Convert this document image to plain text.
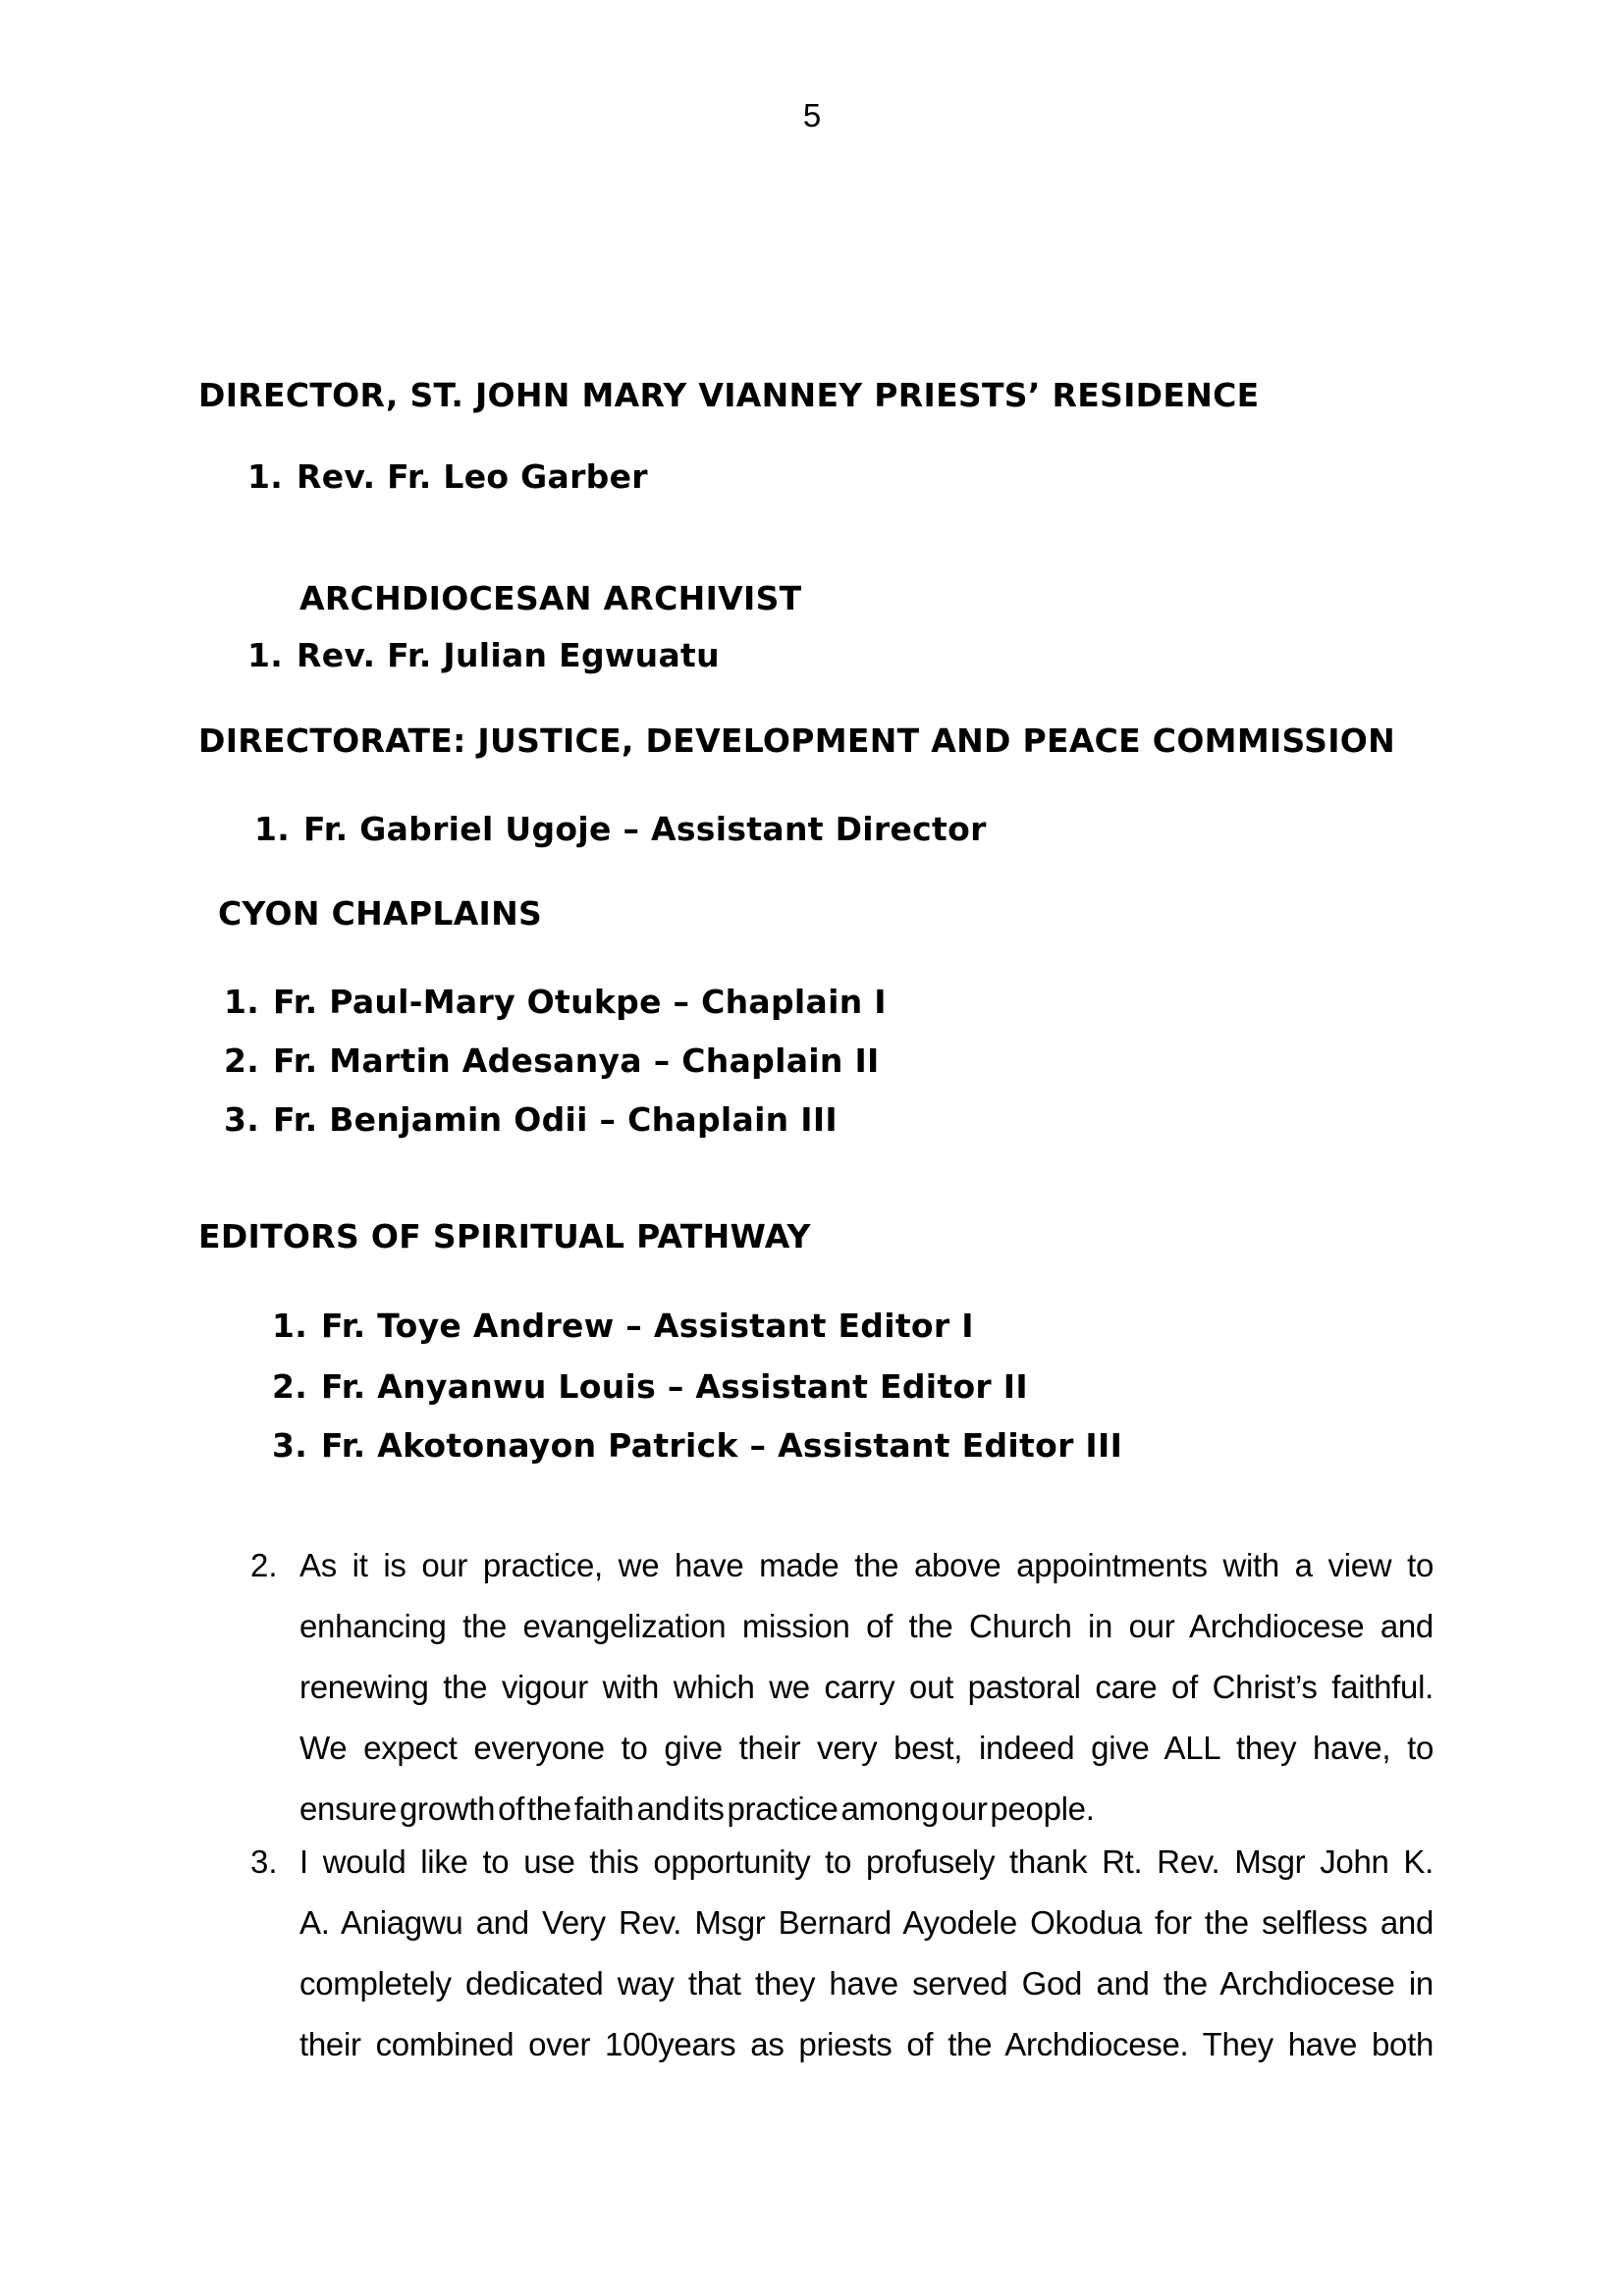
5
DIRECTOR, ST. JOHN MARY VIANNEY PRIESTS’ RESIDENCE
1. Rev. Fr. Leo Garber
ARCHDIOCESAN ARCHIVIST
1. Rev. Fr. Julian Egwuatu
DIRECTORATE: JUSTICE, DEVELOPMENT AND PEACE COMMISSION
1. Fr. Gabriel Ugoje – Assistant Director
CYON CHAPLAINS
1. Fr. Paul-Mary Otukpe – Chaplain I
2. Fr. Martin Adesanya – Chaplain II
3. Fr. Benjamin Odii – Chaplain III
EDITORS OF SPIRITUAL PATHWAY
1. Fr. Toye Andrew – Assistant Editor I
2. Fr. Anyanwu Louis – Assistant Editor II
3. Fr. Akotonayon Patrick – Assistant Editor III
2. As it is our practice, we have made the above appointments with a view to
enhancing the evangelization mission of the Church in our Archdiocese and
renewing the vigour with which we carry out pastoral care of Christ’s faithful.
We expect everyone to give their very best, indeed give ALL they have, to
ensure growth of the faith and its practice among our people.
3. I would like to use this opportunity to profusely thank Rt. Rev. Msgr John K.
A. Aniagwu and Very Rev. Msgr Bernard Ayodele Okodua for the selfless and
completely dedicated way that they have served God and the Archdiocese in
their combined over 100years as priests of the Archdiocese. They have both
